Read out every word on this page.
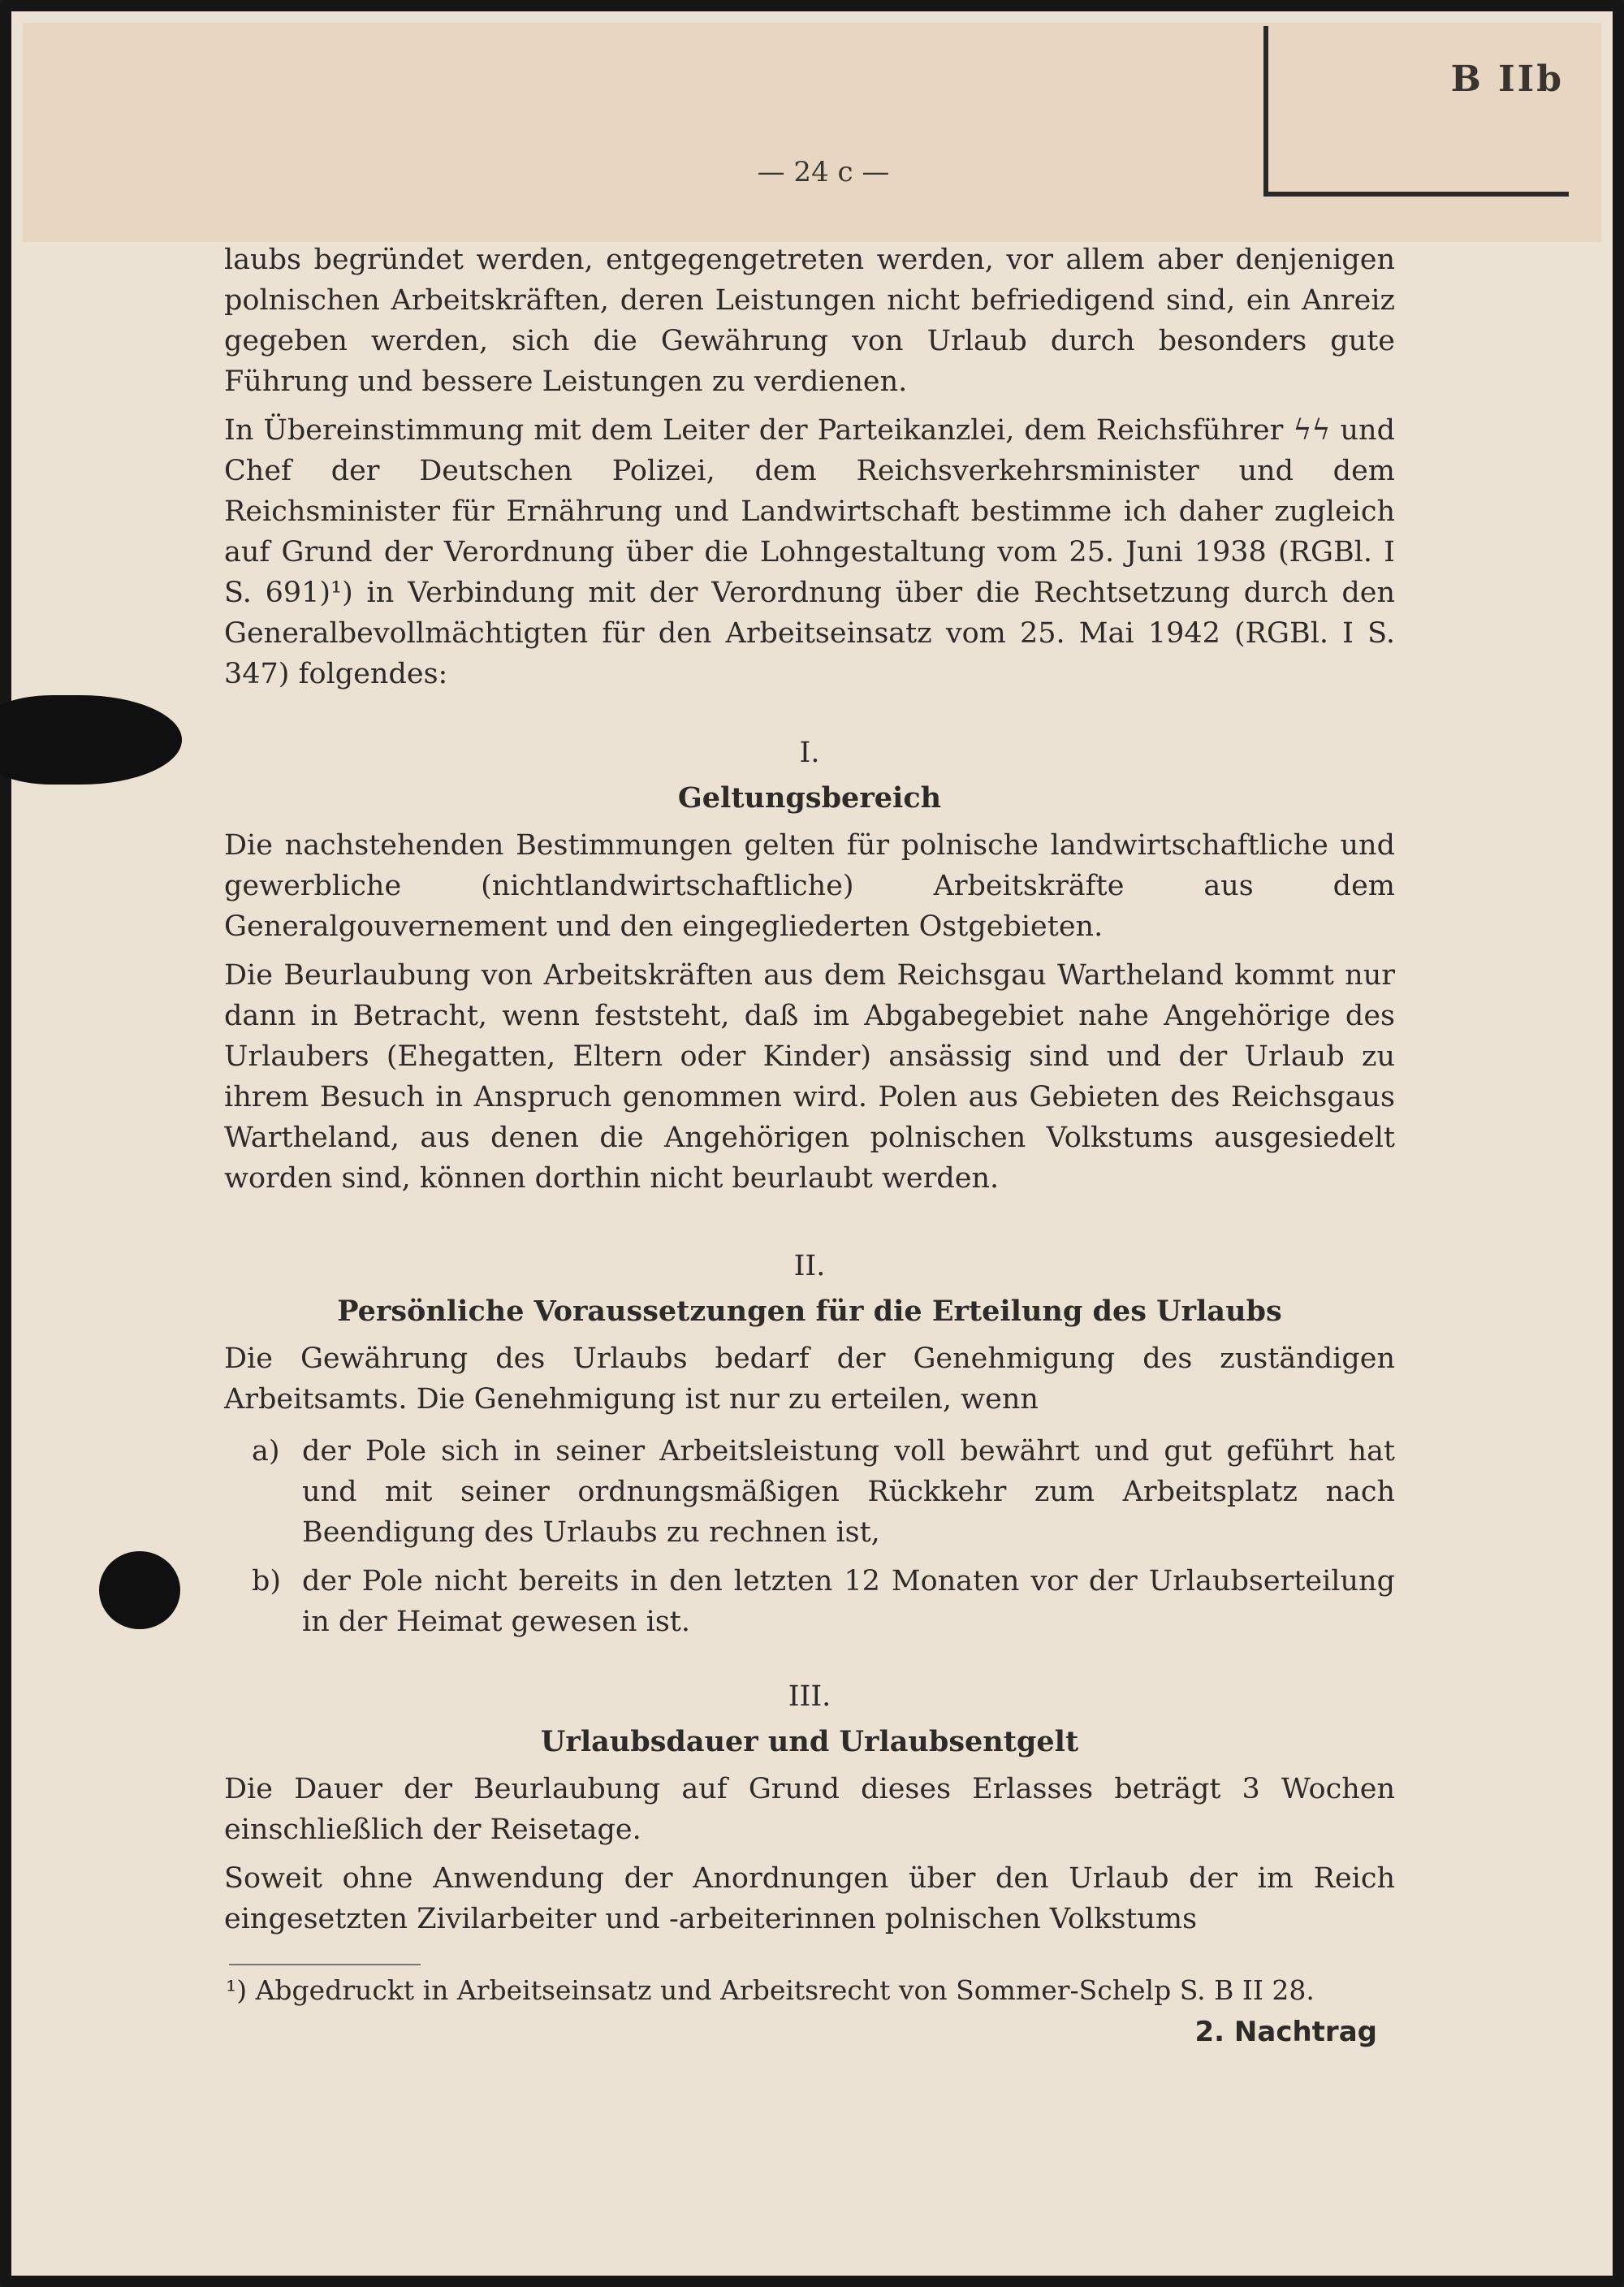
B IIb
— 24 c —

laubs begründet werden, entgegengetreten werden, vor allem aber denjenigen polnischen Arbeitskräften, deren Leistungen nicht befriedigend sind, ein Anreiz gegeben werden, sich die Gewährung von Urlaub durch besonders gute Führung und bessere Leistungen zu verdienen.

In Übereinstimmung mit dem Leiter der Parteikanzlei, dem Reichsführer ϟϟ und Chef der Deutschen Polizei, dem Reichsverkehrsminister und dem Reichsminister für Ernährung und Landwirtschaft bestimme ich daher zugleich auf Grund der Verordnung über die Lohngestaltung vom 25. Juni 1938 (RGBl. I S. 691)¹) in Verbindung mit der Verordnung über die Rechtsetzung durch den Generalbevollmächtigten für den Arbeitseinsatz vom 25. Mai 1942 (RGBl. I S. 347) folgendes:

I.

Geltungsbereich

Die nachstehenden Bestimmungen gelten für polnische landwirtschaftliche und gewerbliche (nichtlandwirtschaftliche) Arbeitskräfte aus dem Generalgouvernement und den eingegliederten Ostgebieten.

Die Beurlaubung von Arbeitskräften aus dem Reichsgau Wartheland kommt nur dann in Betracht, wenn feststeht, daß im Abgabegebiet nahe Angehörige des Urlaubers (Ehegatten, Eltern oder Kinder) ansässig sind und der Urlaub zu ihrem Besuch in Anspruch genommen wird. Polen aus Gebieten des Reichsgaus Wartheland, aus denen die Angehörigen polnischen Volkstums ausgesiedelt worden sind, können dorthin nicht beurlaubt werden.

II.

Persönliche Voraussetzungen für die Erteilung des Urlaubs

Die Gewährung des Urlaubs bedarf der Genehmigung des zuständigen Arbeitsamts. Die Genehmigung ist nur zu erteilen, wenn

a) der Pole sich in seiner Arbeitsleistung voll bewährt und gut geführt hat und mit seiner ordnungsmäßigen Rückkehr zum Arbeitsplatz nach Beendigung des Urlaubs zu rechnen ist,
b) der Pole nicht bereits in den letzten 12 Monaten vor der Urlaubserteilung in der Heimat gewesen ist.

III.

Urlaubsdauer und Urlaubsentgelt

Die Dauer der Beurlaubung auf Grund dieses Erlasses beträgt 3 Wochen einschließlich der Reisetage.

Soweit ohne Anwendung der Anordnungen über den Urlaub der im Reich eingesetzten Zivilarbeiter und -arbeiterinnen polnischen Volkstums

¹) Abgedruckt in Arbeitseinsatz und Arbeitsrecht von Sommer-Schelp S. B II 28.
2. Nachtrag
